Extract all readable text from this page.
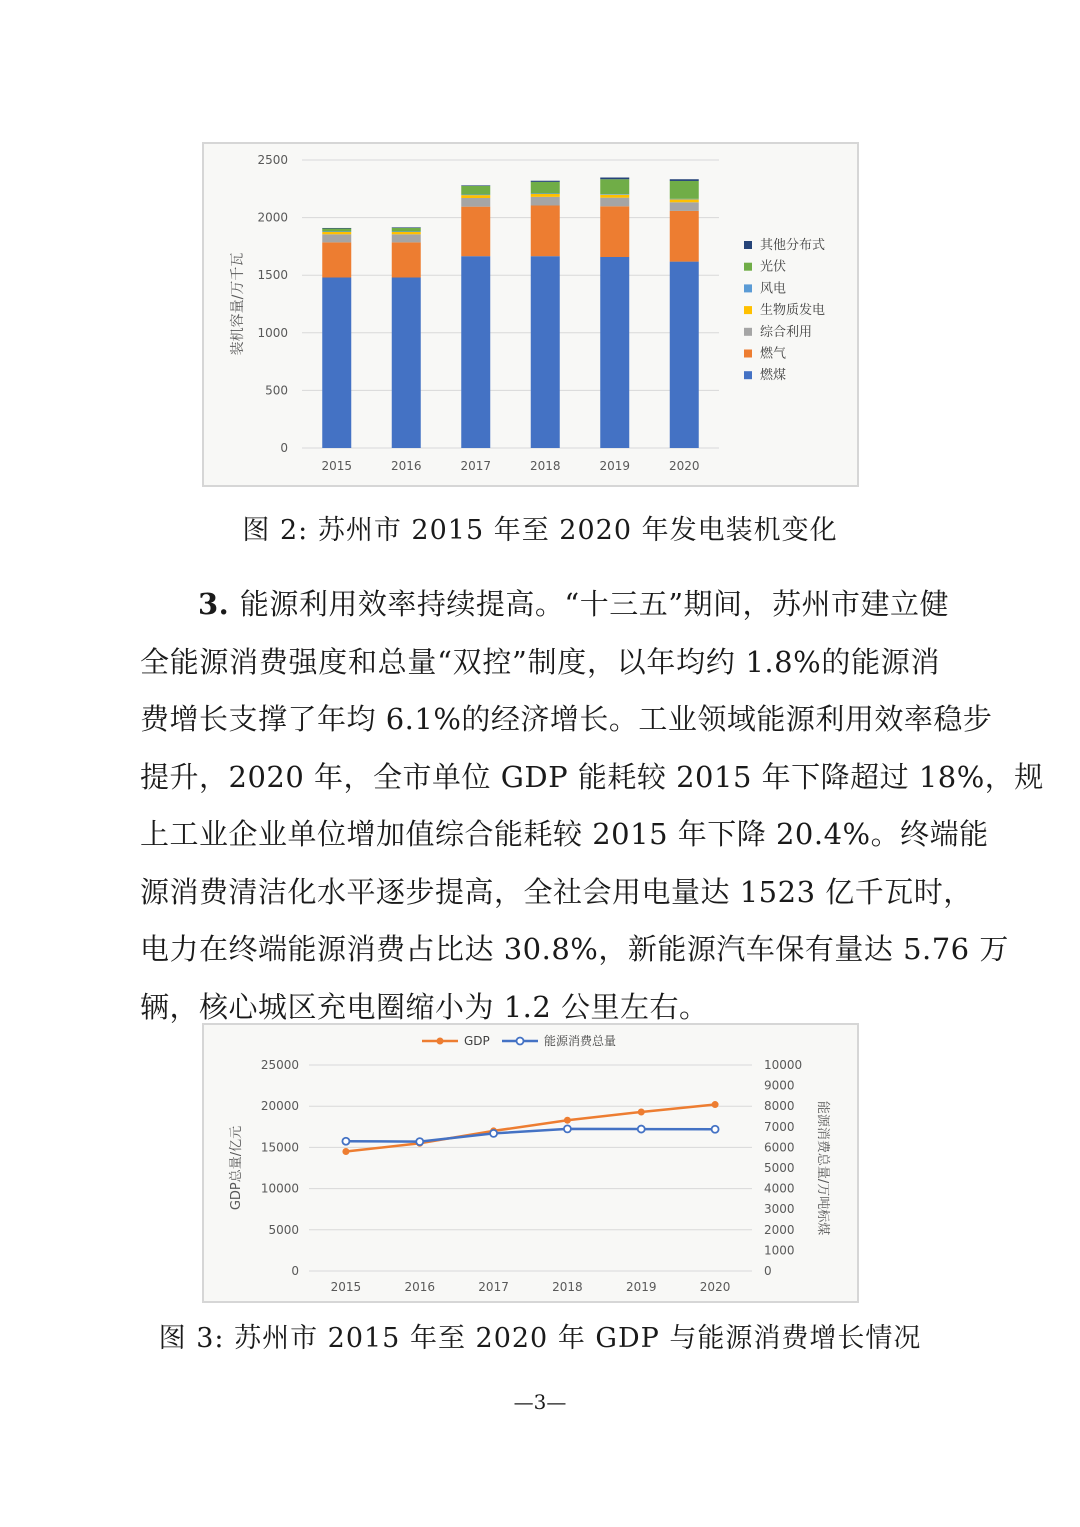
0
500
1000
1500
2000
2500
装机容量/万千瓦
2015	2016	2017	2018	2019	2020
其他分布式
光伏
风电
生物质发电
综合利用
燃气
燃煤
图 2: 苏州市 2015 年至 2020 年发电装机变化
3. 能源利用效率持续提高。“十三五”期间，苏州市建立健
全能源消费强度和总量“双控”制度，以年均约 1.8%的能源消
费增长支撑了年均 6.1%的经济增长。工业领域能源利用效率稳步
提升，2020 年，全市单位 GDP 能耗较 2015 年下降超过 18%，规
上工业企业单位增加值综合能耗较 2015 年下降 20.4%。终端能
源消费清洁化水平逐步提高，全社会用电量达 1523 亿千瓦时，
电力在终端能源消费占比达 30.8%，新能源汽车保有量达 5.76 万
辆，核心城区充电圈缩小为 1.2 公里左右。
0
5000
10000
15000
20000
25000
0
1000
2000
3000
4000
5000
6000
7000
8000
9000
10000
GDP总量/亿元	能源消费总量/万吨标煤
2015	2016	2017	2018	2019	2020
GDP	能源消费总量
图 3: 苏州市 2015 年至 2020 年 GDP 与能源消费增长情况
—3—
